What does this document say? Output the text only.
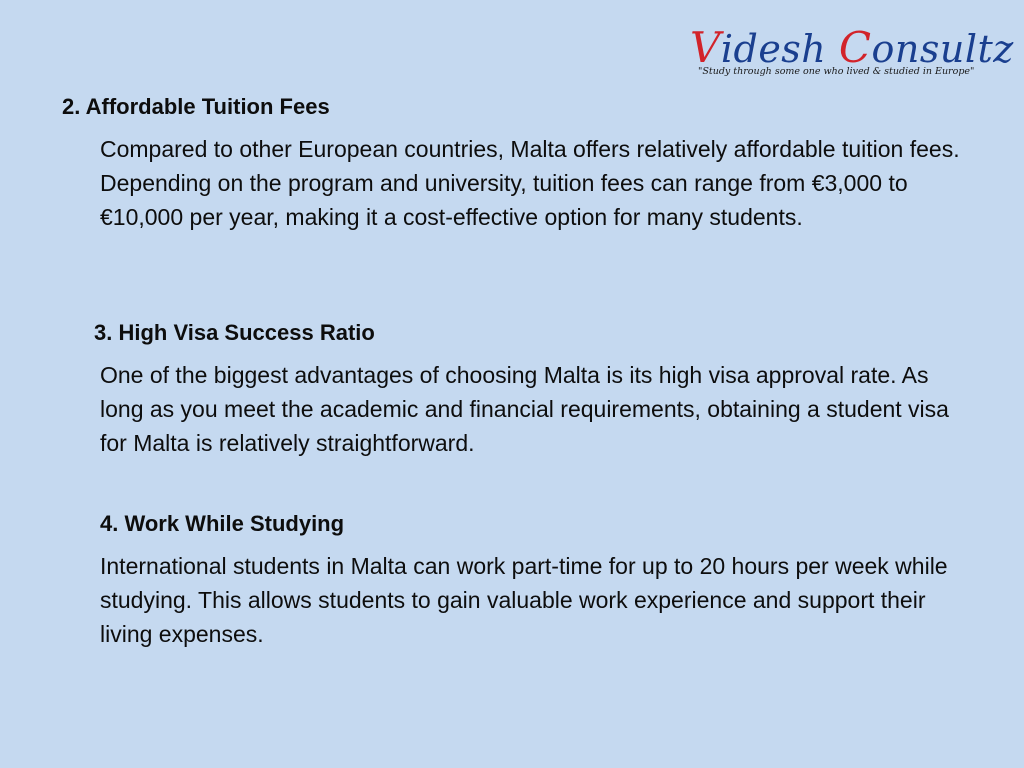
Videsh Consultz
"Study through some one who lived & studied in Europe"
2. Affordable Tuition Fees
Compared to other European countries, Malta offers relatively affordable tuition fees. Depending on the program and university, tuition fees can range from €3,000 to €10,000 per year, making it a cost-effective option for many students.
3. High Visa Success Ratio
One of the biggest advantages of choosing Malta is its high visa approval rate. As long as you meet the academic and financial requirements, obtaining a student visa for Malta is relatively straightforward.
4. Work While Studying
International students in Malta can work part-time for up to 20 hours per week while studying. This allows students to gain valuable work experience and support their living expenses.
